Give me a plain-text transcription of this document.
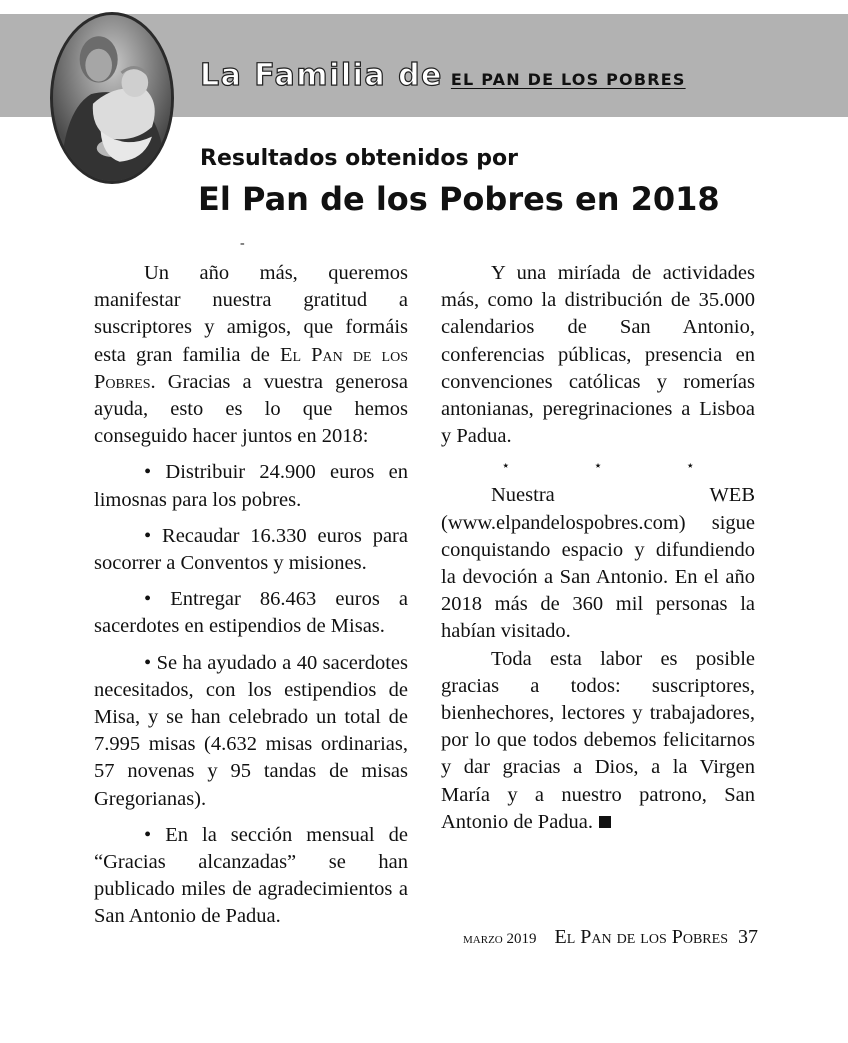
La Familia de EL PAN DE LOS POBRES
Resultados obtenidos por
El Pan de los Pobres en 2018
-

Un año más, queremos manifestar nuestra gratitud a suscriptores y amigos, que formáis esta gran familia de El Pan de los Pobres. Gracias a vuestra generosa ayuda, esto es lo que hemos conseguido hacer juntos en 2018:

• Distribuir 24.900 euros en limosnas para los pobres.

• Recaudar 16.330 euros para socorrer a Conventos y misiones.

• Entregar 86.463 euros a sacerdotes en estipendios de Misas.

• Se ha ayudado a 40 sacerdotes necesitados, con los estipendios de Misa, y se han celebrado un total de 7.995 misas (4.632 misas ordinarias, 57 novenas y 95 tandas de misas Gregorianas).

• En la sección mensual de “Gracias alcanzadas” se han publicado miles de agradecimientos a San Antonio de Padua.

Y una miríada de actividades más, como la distribución de 35.000 calendarios de San Antonio, conferencias públicas, presencia en convenciones católicas y romerías antonianas, peregrinaciones a Lisboa y Padua.

⋆ ⋆ ⋆

Nuestra WEB (www.elpandelospobres.com) sigue conquistando espacio y difundiendo la devoción a San Antonio. En el año 2018 más de 360 mil personas la habían visitado.

Toda esta labor es posible gracias a todos: suscriptores, bienhechores, lectores y trabajadores, por lo que todos debemos felicitarnos y dar gracias a Dios, a la Virgen María y a nuestro patrono, San Antonio de Padua.

marzo 2019 El Pan de los Pobres 37
